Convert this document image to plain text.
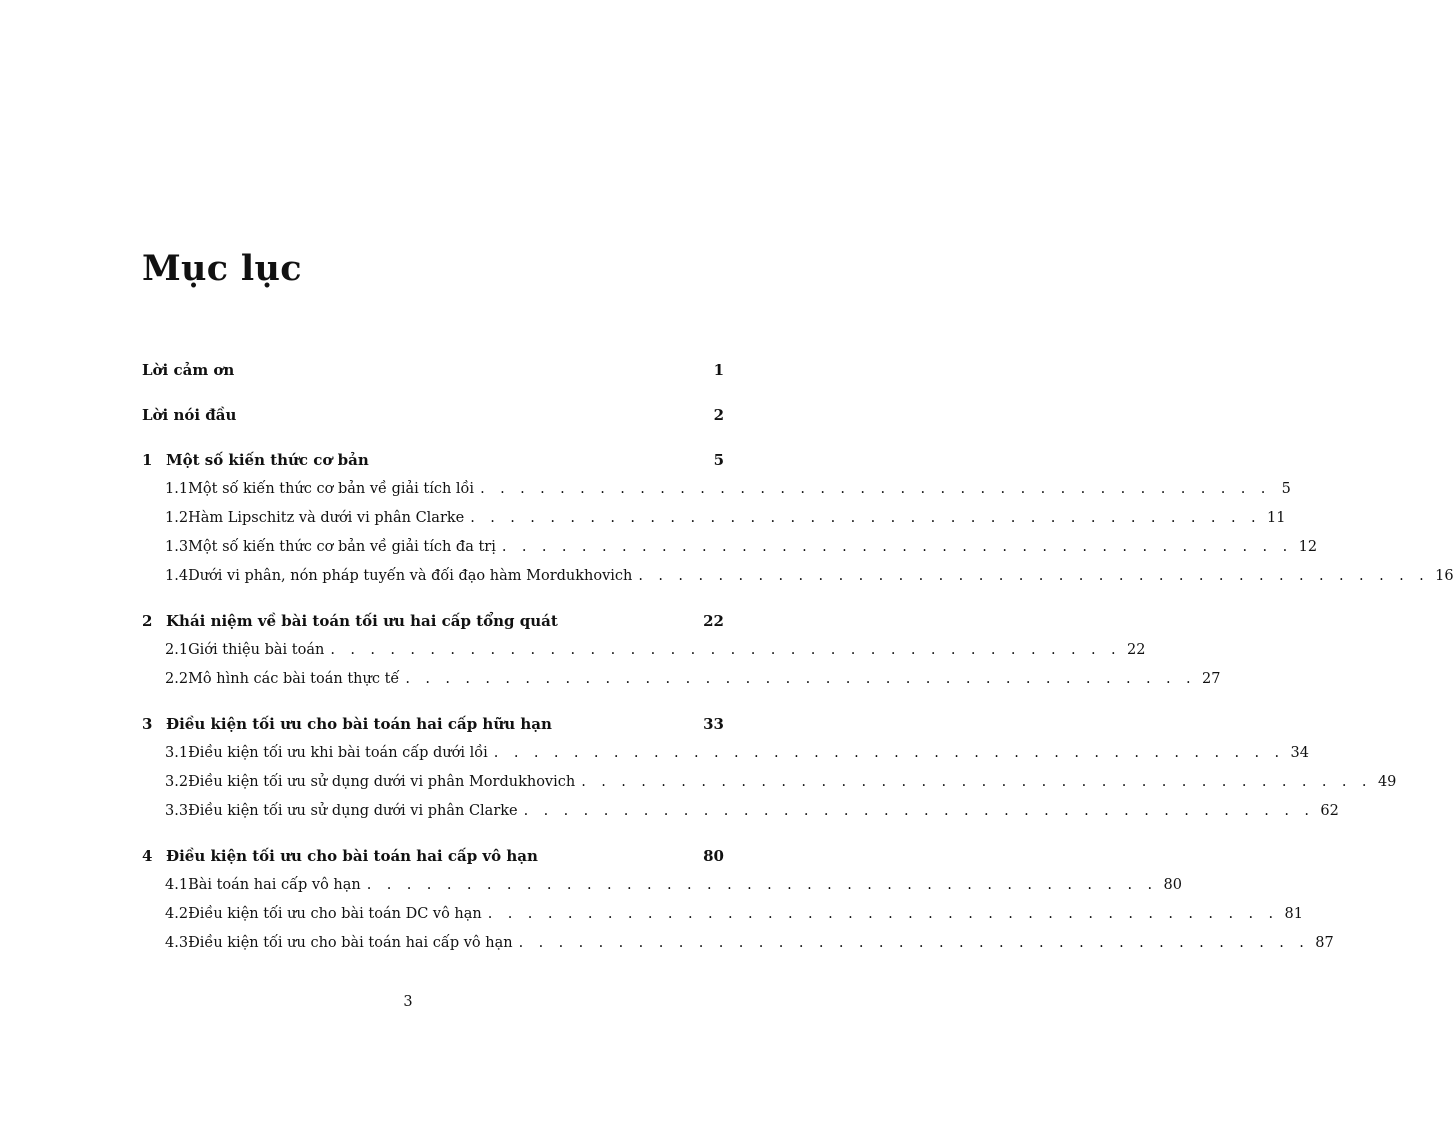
Mục lục
Lời cảm ơn	1
Lời nói đầu	2
1 Một số kiến thức cơ bản	5
1.1 Một số kiến thức cơ bản về giải tích lồi . . . . . . . . . . . . . . . . . . . . . . . . . . . . . . . . . . . . . . . . 5
1.2 Hàm Lipschitz và dưới vi phân Clarke . . . . . . . . . . . . . . . . . . . . . . . . . . . . . . . . . . . . . . . . 11
1.3 Một số kiến thức cơ bản về giải tích đa trị . . . . . . . . . . . . . . . . . . . . . . . . . . . . . . . . . . . . . . . . 12
1.4 Dưới vi phân, nón pháp tuyến và đối đạo hàm Mordukhovich . . . . . . . . . . . . . . . . . . . . . . . . . . . . . . . . . . . . . . . . 16
2 Khái niệm về bài toán tối ưu hai cấp tổng quát	22
2.1 Giới thiệu bài toán . . . . . . . . . . . . . . . . . . . . . . . . . . . . . . . . . . . . . . . . 22
2.2 Mô hình các bài toán thực tế . . . . . . . . . . . . . . . . . . . . . . . . . . . . . . . . . . . . . . . . 27
3 Điều kiện tối ưu cho bài toán hai cấp hữu hạn	33
3.1 Điều kiện tối ưu khi bài toán cấp dưới lồi . . . . . . . . . . . . . . . . . . . . . . . . . . . . . . . . . . . . . . . . 34
3.2 Điều kiện tối ưu sử dụng dưới vi phân Mordukhovich . . . . . . . . . . . . . . . . . . . . . . . . . . . . . . . . . . . . . . . . 49
3.3 Điều kiện tối ưu sử dụng dưới vi phân Clarke . . . . . . . . . . . . . . . . . . . . . . . . . . . . . . . . . . . . . . . . 62
4 Điều kiện tối ưu cho bài toán hai cấp vô hạn	80
4.1 Bài toán hai cấp vô hạn . . . . . . . . . . . . . . . . . . . . . . . . . . . . . . . . . . . . . . . . 80
4.2 Điều kiện tối ưu cho bài toán DC vô hạn . . . . . . . . . . . . . . . . . . . . . . . . . . . . . . . . . . . . . . . . 81
4.3 Điều kiện tối ưu cho bài toán hai cấp vô hạn . . . . . . . . . . . . . . . . . . . . . . . . . . . . . . . . . . . . . . . . 87
3
